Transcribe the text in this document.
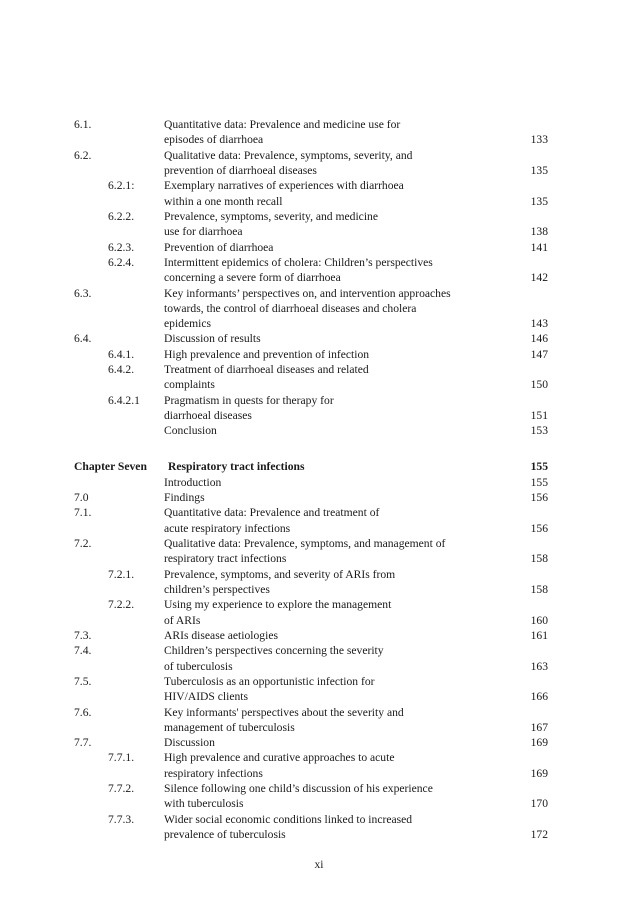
6.1.	Quantitative data: Prevalence and medicine use for
episodes of diarrhoea	133
6.2.	Qualitative data: Prevalence, symptoms, severity, and
prevention of diarrhoeal diseases	135
6.2.1:	Exemplary narratives of experiences with diarrhoea
within a one month recall	135
6.2.2.	Prevalence, symptoms, severity, and medicine
use for diarrhoea	138
6.2.3.	Prevention of diarrhoea	141
6.2.4.	Intermittent epidemics of cholera: Children’s perspectives
concerning a severe form of diarrhoea	142
6.3.	Key informants’ perspectives on, and intervention approaches
towards, the control of diarrhoeal diseases and cholera
epidemics	143
6.4.	Discussion of results	146
6.4.1.	High prevalence and prevention of infection	147
6.4.2.	Treatment of diarrhoeal diseases and related
complaints	150
6.4.2.1 Pragmatism in quests for therapy for
diarrhoeal diseases	151
Conclusion	153
Chapter Seven Respiratory tract infections	155
Introduction	155
7.0	Findings	156
7.1.	Quantitative data: Prevalence and treatment of
acute respiratory infections	156
7.2.	Qualitative data: Prevalence, symptoms, and management of
respiratory tract infections	158
7.2.1.	Prevalence, symptoms, and severity of ARIs from
children’s perspectives	158
7.2.2.	Using my experience to explore the management
of ARIs	160
7.3.	ARIs disease aetiologies	161
7.4.	Children’s perspectives concerning the severity
of tuberculosis	163
7.5.	Tuberculosis as an opportunistic infection for
HIV/AIDS clients	166
7.6.	Key informants' perspectives about the severity and
management of tuberculosis	167
7.7.	Discussion	169
7.7.1.	High prevalence and curative approaches to acute
respiratory infections	169
7.7.2.	Silence following one child’s discussion of his experience
with tuberculosis	170
7.7.3.	Wider social economic conditions linked to increased
prevalence of tuberculosis	172
xi
